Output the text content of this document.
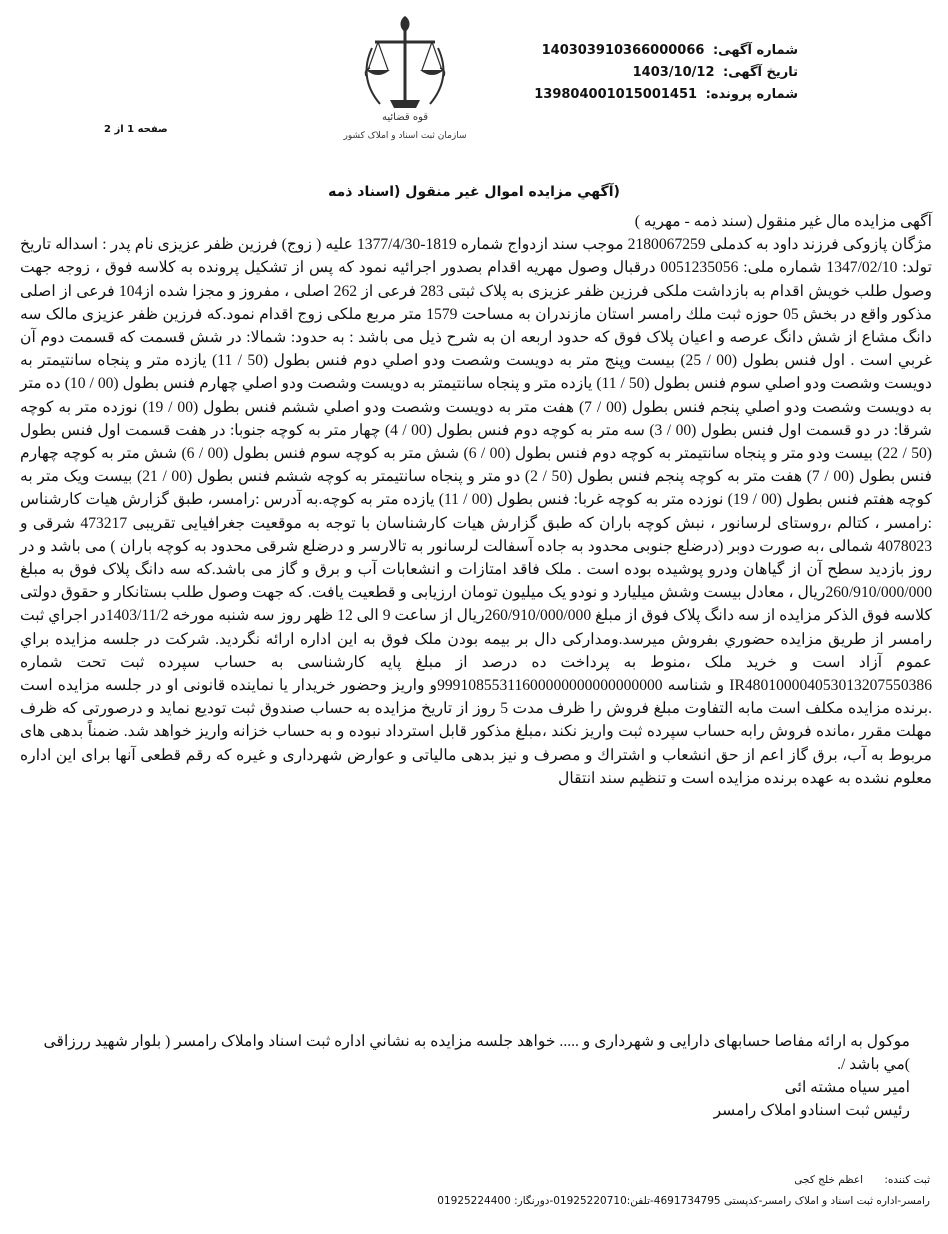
شماره آگهی: 140303910366000066
تاریخ آگهی: 1403/10/12
شماره پرونده: 139804001015001451
قوه قضائیه
سازمان ثبت اسناد و املاک کشور
صفحه 1 از 2
(آگهي مزايده اموال غير منقول (اسناد ذمه

آگهی مزایده مال غیر منقول (سند ذمه - مهریه )

مژگان پازوکی فرزند داود به کدملی 2180067259 موجب سند ازدواج شماره 1819-1377/4/30 علیه ( زوج) فرزین ظفر عزیزی نام پدر : اسداله تاریخ تولد: 1347/02/10 شماره ملی: 0051235056 درقبال وصول مهریه اقدام بصدور اجرائیه نمود که پس از تشکیل پرونده به کلاسه فوق ، زوجه جهت وصول طلب خویش اقدام به بازداشت ملکی فرزین ظفر عزیزی به پلاک ثبتی 283 فرعی از 262 اصلی ، مفروز و مجزا شده از104 فرعی از اصلی مذکور واقع در بخش 05 حوزه ثبت ملك رامسر استان مازندران به مساحت 1579 متر مربع ملکی زوج اقدام نمود.که فرزین ظفر عزیزی مالک سه دانگ مشاع از شش دانگ عرصه و اعیان پلاک فوق که حدود اربعه ان به شرح ذیل می باشد : به حدود: شمالا: در شش قسمت كه قسمت دوم آن غربي است . اول فنس بطول (00 / 25) بیست وپنج متر به دویست وشصت ودو اصلي دوم فنس بطول (50 / 11) یازده متر و پنجاه سانتیمتر به دویست وشصت ودو اصلي سوم فنس بطول (50 / 11) یازده متر و پنجاه سانتیمتر به دویست وشصت ودو اصلي چهارم فنس بطول (00 / 10) ده متر به دویست وشصت ودو اصلي پنجم فنس بطول (00 / 7) هفت متر به دویست وشصت ودو اصلي ششم فنس بطول (00 / 19) نوزده متر به کوچه شرقا: در دو قسمت اول فنس بطول (00 / 3) سه متر به کوچه دوم فنس بطول (00 / 4) چهار متر به کوچه جنوبا: در هفت قسمت اول فنس بطول (50 / 22) بیست ودو متر و پنجاه سانتیمتر به کوچه دوم فنس بطول (00 / 6) شش متر به کوچه سوم فنس بطول (00 / 6) شش متر به کوچه چهارم فنس بطول (00 / 7) هفت متر به کوچه پنجم فنس بطول (50 / 2) دو متر و پنجاه سانتیمتر به کوچه ششم فنس بطول (00 / 21) بیست ویک متر به کوچه هفتم فنس بطول (00 / 19) نوزده متر به کوچه غربا: فنس بطول (00 / 11) یازده متر به کوچه.به آدرس :رامسر، طبق گزارش هیات کارشناس :رامسر ، کتالم ،روستای لرسانور ، نبش کوچه باران که طبق گزارش هیات کارشناسان با توجه به موقعیت جغرافیایی تقریبی 473217 شرقی و 4078023 شمالی ،به صورت دوبر (درضلع جنوبی محدود به جاده آسفالت لرسانور به تالارسر و درضلع شرقی محدود به کوچه باران ) می باشد و در روز بازدید سطح آن از گیاهان ودرو پوشیده بوده است . ملک فاقد امتازات و انشعابات آب و برق و گاز می باشد.که سه دانگ پلاک فوق به مبلغ 260/910/000/000ریال ، معادل بیست وشش میلیارد و نودو یک میلیون تومان ارزیابی و قطعیت یافت. که جهت وصول طلب بستانکار و حقوق دولتی کلاسه فوق الذکر مزایده از سه دانگ پلاک فوق از مبلغ 260/910/000/000ریال از ساعت 9 الی 12 ظهر روز سه شنبه مورخه 1403/11/2در اجراي ثبت رامسر از طریق مزایده حضوري بفروش میرسد.ومدارکی دال بر بیمه بودن ملک فوق به این اداره ارائه نگردید. شرکت در جلسه مزایده براي عموم آزاد است و خرید ملک ،منوط به پرداخت ده درصد از مبلغ پایه کارشناسی به حساب سپرده ثبت تحت شماره IR480100004053013207550386 و شناسه 99910855311600000000000000000و واریز وحضور خریدار یا نماینده قانونی او در جلسه مزایده است .برنده مزایده مکلف است مابه التفاوت مبلغ فروش را ظرف مدت 5 روز از تاریخ مزایده به حساب صندوق ثبت تودیع نماید و درصورتی که ظرف مهلت مقرر ،مانده فروش رابه حساب سپرده ثبت واریز نکند ،مبلغ مذکور قابل استرداد نبوده و به حساب خزانه واریز خواهد شد. ضمناً بدهی های مربوط به آب، برق گاز اعم از حق انشعاب و اشتراك و مصرف و نیز بدهی مالیاتی و عوارض شهرداری و غیره که رقم قطعی آنها برای این اداره معلوم نشده به عهده برنده مزایده است و تنظیم سند انتقال

موکول به ارائه مفاصا حسابهای دارایی و شهرداری و ..... خواهد جلسه مزایده به نشاني اداره ثبت اسناد واملاک رامسر ( بلوار شهید ررزاقی )مي باشد /.

امیر سیاه مشته ائی

رئیس ثبت اسنادو املاک رامسر

ثبت کننده: اعظم خلج کجی
رامسر-اداره ثبت اسناد و املاک رامسر-کدپستی 4691734795-تلفن:01925220710-دورنگار: 01925224400
